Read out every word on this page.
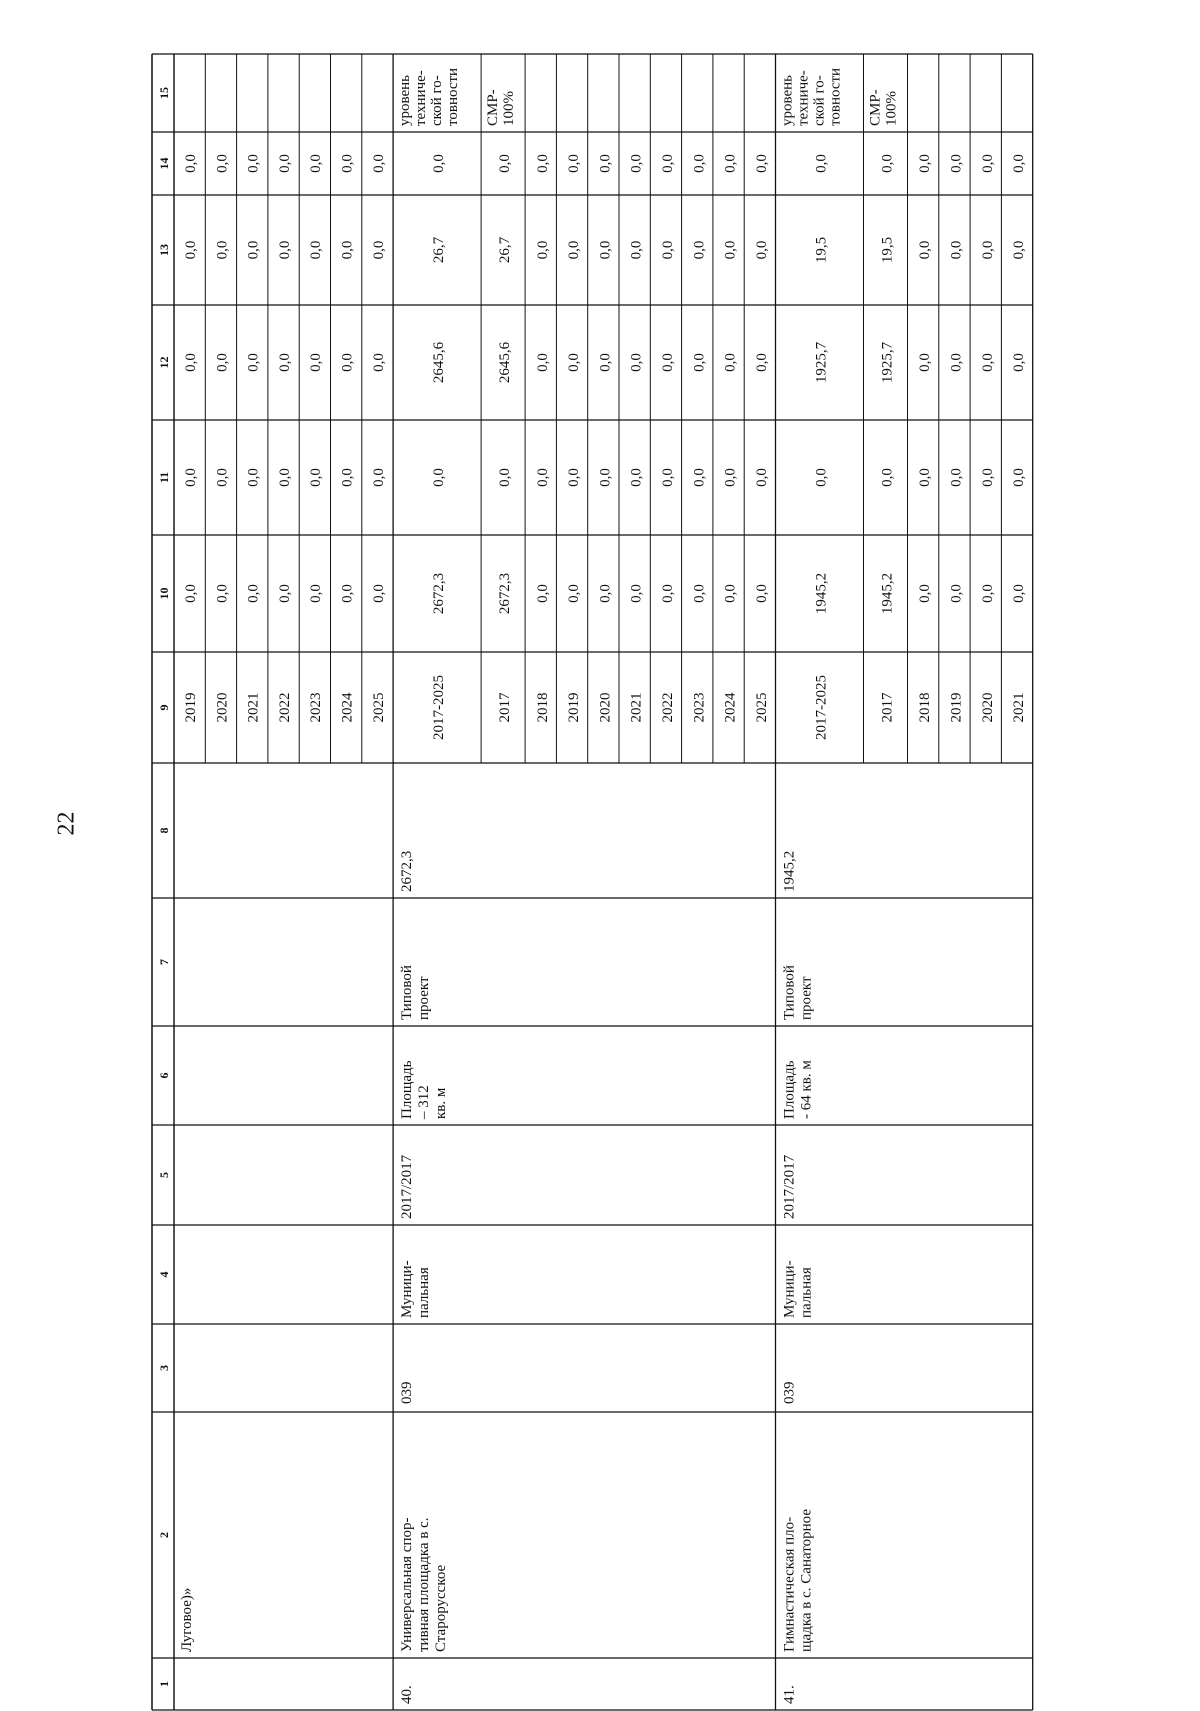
22
1
2
3
4
5
6
7
8
9
10
11
12
13
14
15
2019
0,0
0,0
0,0
0,0
0,0
2020
0,0
0,0
0,0
0,0
0,0
2021
0,0
0,0
0,0
0,0
0,0
2022
0,0
0,0
0,0
0,0
0,0
2023
0,0
0,0
0,0
0,0
0,0
2024
0,0
0,0
0,0
0,0
0,0
2025
0,0
0,0
0,0
0,0
0,0
Луговое)»
2017-2025
2672,3
0,0
2645,6
26,7
0,0
уровень техниче- ской го- товности
2017
2672,3
0,0
2645,6
26,7
0,0
СМР- 100%
2018
0,0
0,0
0,0
0,0
0,0
2019
0,0
0,0
0,0
0,0
0,0
2020
0,0
0,0
0,0
0,0
0,0
2021
0,0
0,0
0,0
0,0
0,0
2022
0,0
0,0
0,0
0,0
0,0
2023
0,0
0,0
0,0
0,0
0,0
2024
0,0
0,0
0,0
0,0
0,0
2025
0,0
0,0
0,0
0,0
0,0
40.
Универсальная спор- тивная площадка в с. Старорусское
039
Муници- пальная
2017/2017
Площадь – 312 кв. м
Типовой проект
2672,3
2017-2025
1945,2
0,0
1925,7
19,5
0,0
уровень техниче- ской го- товности
2017
1945,2
0,0
1925,7
19,5
0,0
СМР- 100%
2018
0,0
0,0
0,0
0,0
0,0
2019
0,0
0,0
0,0
0,0
0,0
2020
0,0
0,0
0,0
0,0
0,0
2021
0,0
0,0
0,0
0,0
0,0
41.
Гимнастическая пло- щадка в с. Санаторное
039
Муници- пальная
2017/2017
Площадь - 64 кв. м
Типовой проект
1945,2
